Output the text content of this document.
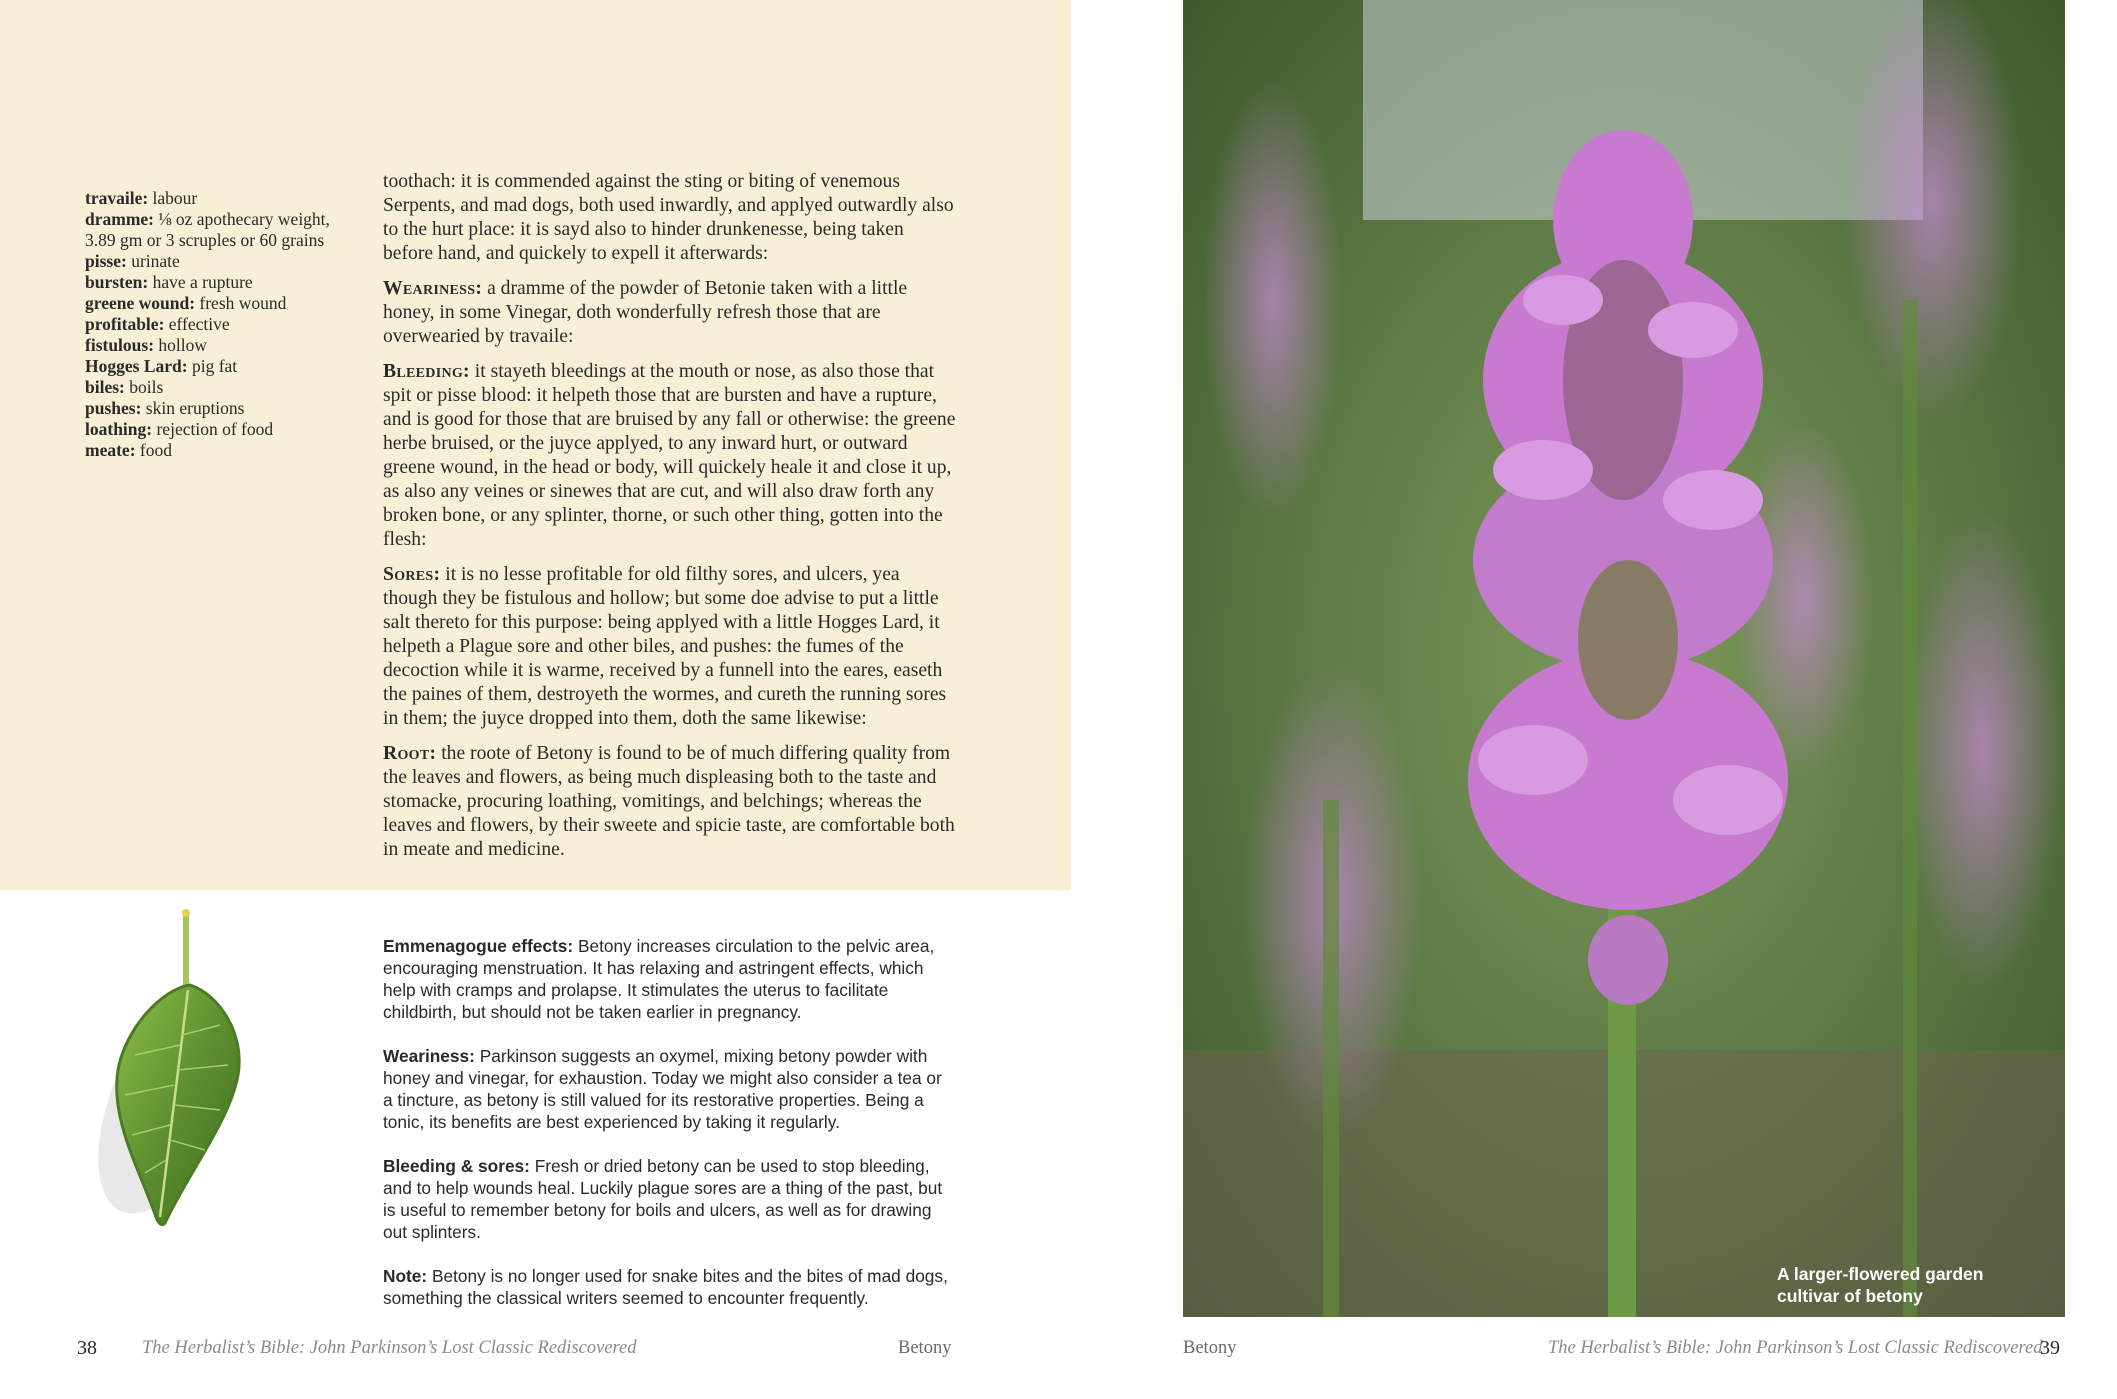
travaile: labour
dramme: ⅛ oz apothecary weight, 3.89 gm or 3 scruples or 60 grains
pisse: urinate
bursten: have a rupture
greene wound: fresh wound
profitable: effective
fistulous: hollow
Hogges Lard: pig fat
biles: boils
pushes: skin eruptions
loathing: rejection of food
meate: food

toothach: it is commended against the sting or biting of venemous Serpents, and mad dogs, both used inwardly, and applyed outwardly also to the hurt place: it is sayd also to hinder drunkenesse, being taken before hand, and quickely to expell it afterwards:

Weariness: a dramme of the powder of Betonie taken with a little honey, in some Vinegar, doth wonderfully refresh those that are overwearied by travaile:

Bleeding: it stayeth bleedings at the mouth or nose, as also those that spit or pisse blood: it helpeth those that are bursten and have a rupture, and is good for those that are bruised by any fall or otherwise: the greene herbe bruised, or the juyce applyed, to any inward hurt, or outward greene wound, in the head or body, will quickely heale it and close it up, as also any veines or sinewes that are cut, and will also draw forth any broken bone, or any splinter, thorne, or such other thing, gotten into the flesh:

Sores: it is no lesse profitable for old filthy sores, and ulcers, yea though they be fistulous and hollow; but some doe advise to put a little salt thereto for this purpose: being applyed with a little Hogges Lard, it helpeth a Plague sore and other biles, and pushes: the fumes of the decoction while it is warme, received by a funnell into the eares, easeth the paines of them, destroyeth the wormes, and cureth the running sores in them; the juyce dropped into them, doth the same likewise:

Root: the roote of Betony is found to be of much differing quality from the leaves and flowers, as being much displeasing both to the taste and stomacke, procuring loathing, vomitings, and belchings; whereas the leaves and flowers, by their sweete and spicie taste, are comfortable both in meate and medicine.

Emmenagogue effects: Betony increases circulation to the pelvic area, encouraging menstruation. It has relaxing and astringent effects, which help with cramps and prolapse. It stimulates the uterus to facilitate childbirth, but should not be taken earlier in pregnancy.

Weariness: Parkinson suggests an oxymel, mixing betony powder with honey and vinegar, for exhaustion. Today we might also consider a tea or a tincture, as betony is still valued for its restorative properties. Being a tonic, its benefits are best experienced by taking it regularly.

Bleeding & sores: Fresh or dried betony can be used to stop bleeding, and to help wounds heal. Luckily plague sores are a thing of the past, but is useful to remember betony for boils and ulcers, as well as for drawing out splinters.

Note: Betony is no longer used for snake bites and the bites of mad dogs, something the classical writers seemed to encounter frequently.

A larger-flowered garden cultivar of betony
38 The Herbalist’s Bible: John Parkinson’s Lost Classic Rediscovered	Betony	Betony	The Herbalist’s Bible: John Parkinson’s Lost Classic Rediscovered
39
